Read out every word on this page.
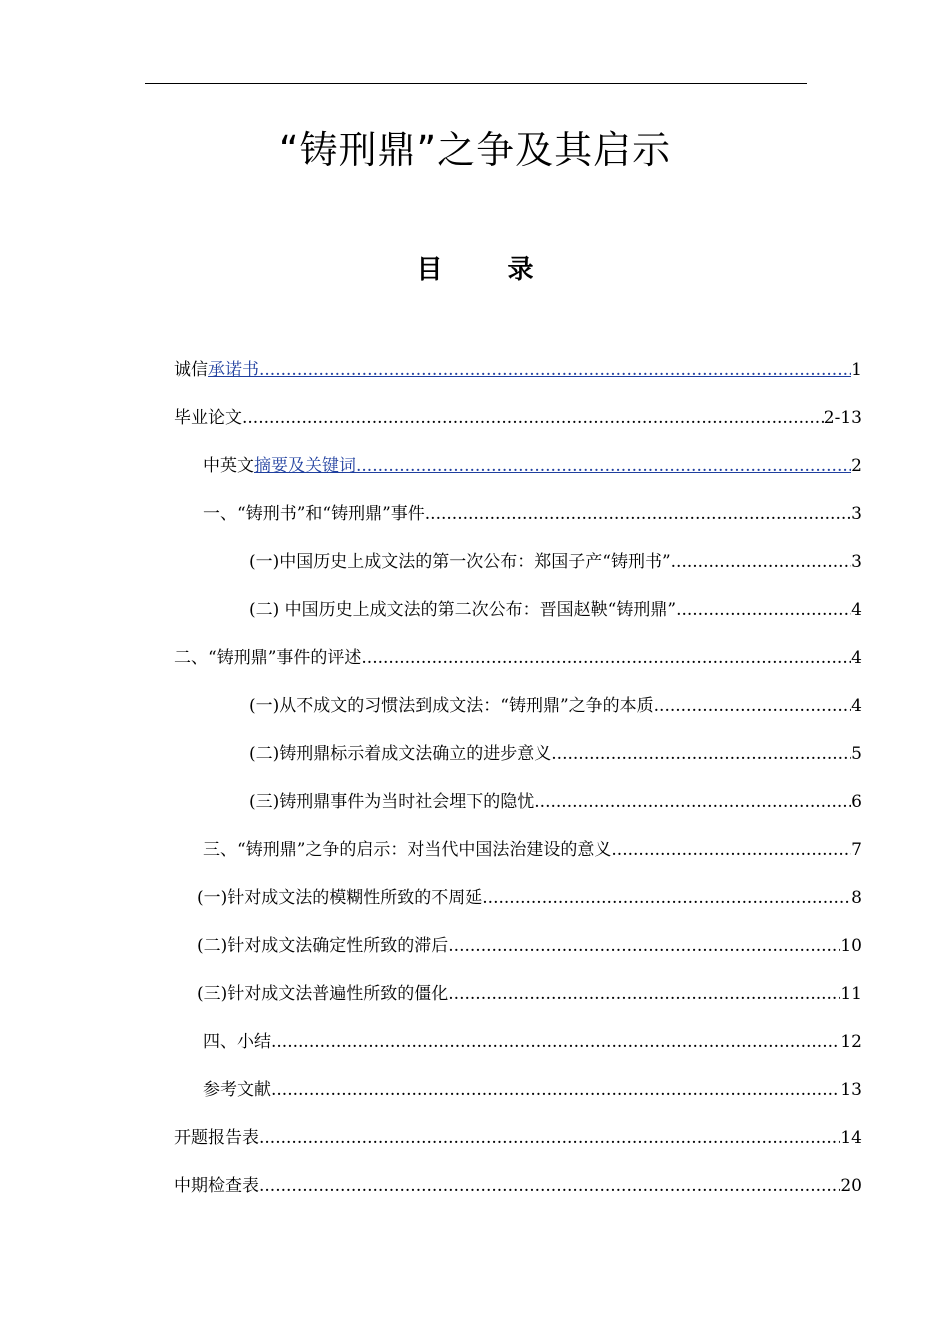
“铸刑鼎”之争及其启示
目 录
诚信 承诺书 .....	1
毕业论文 .....	2-13
中英文 摘要及关键词 .....	2
一、“铸刑书”和“铸刑鼎”事件 .....	3
(一)中国历史上成文法的第一次公布：郑国子产“铸刑书” .....	3
(二) 中国历史上成文法的第二次公布：晋国赵鞅“铸刑鼎” .....	4
二、“铸刑鼎”事件的评述 .....	4
(一)从不成文的习惯法到成文法：“铸刑鼎”之争的本质 .....	4
(二)铸刑鼎标示着成文法确立的进步意义 .....	5
(三)铸刑鼎事件为当时社会埋下的隐忧 .....	6
三、“铸刑鼎”之争的启示：对当代中国法治建设的意义 .....	7
(一)针对成文法的模糊性所致的不周延 .....	8
(二)针对成文法确定性所致的滞后 .....	10
(三)针对成文法普遍性所致的僵化 .....	11
四、小结 .....	12
参考文献 .....	13
开题报告表 .....	14
中期检查表 .....	20
